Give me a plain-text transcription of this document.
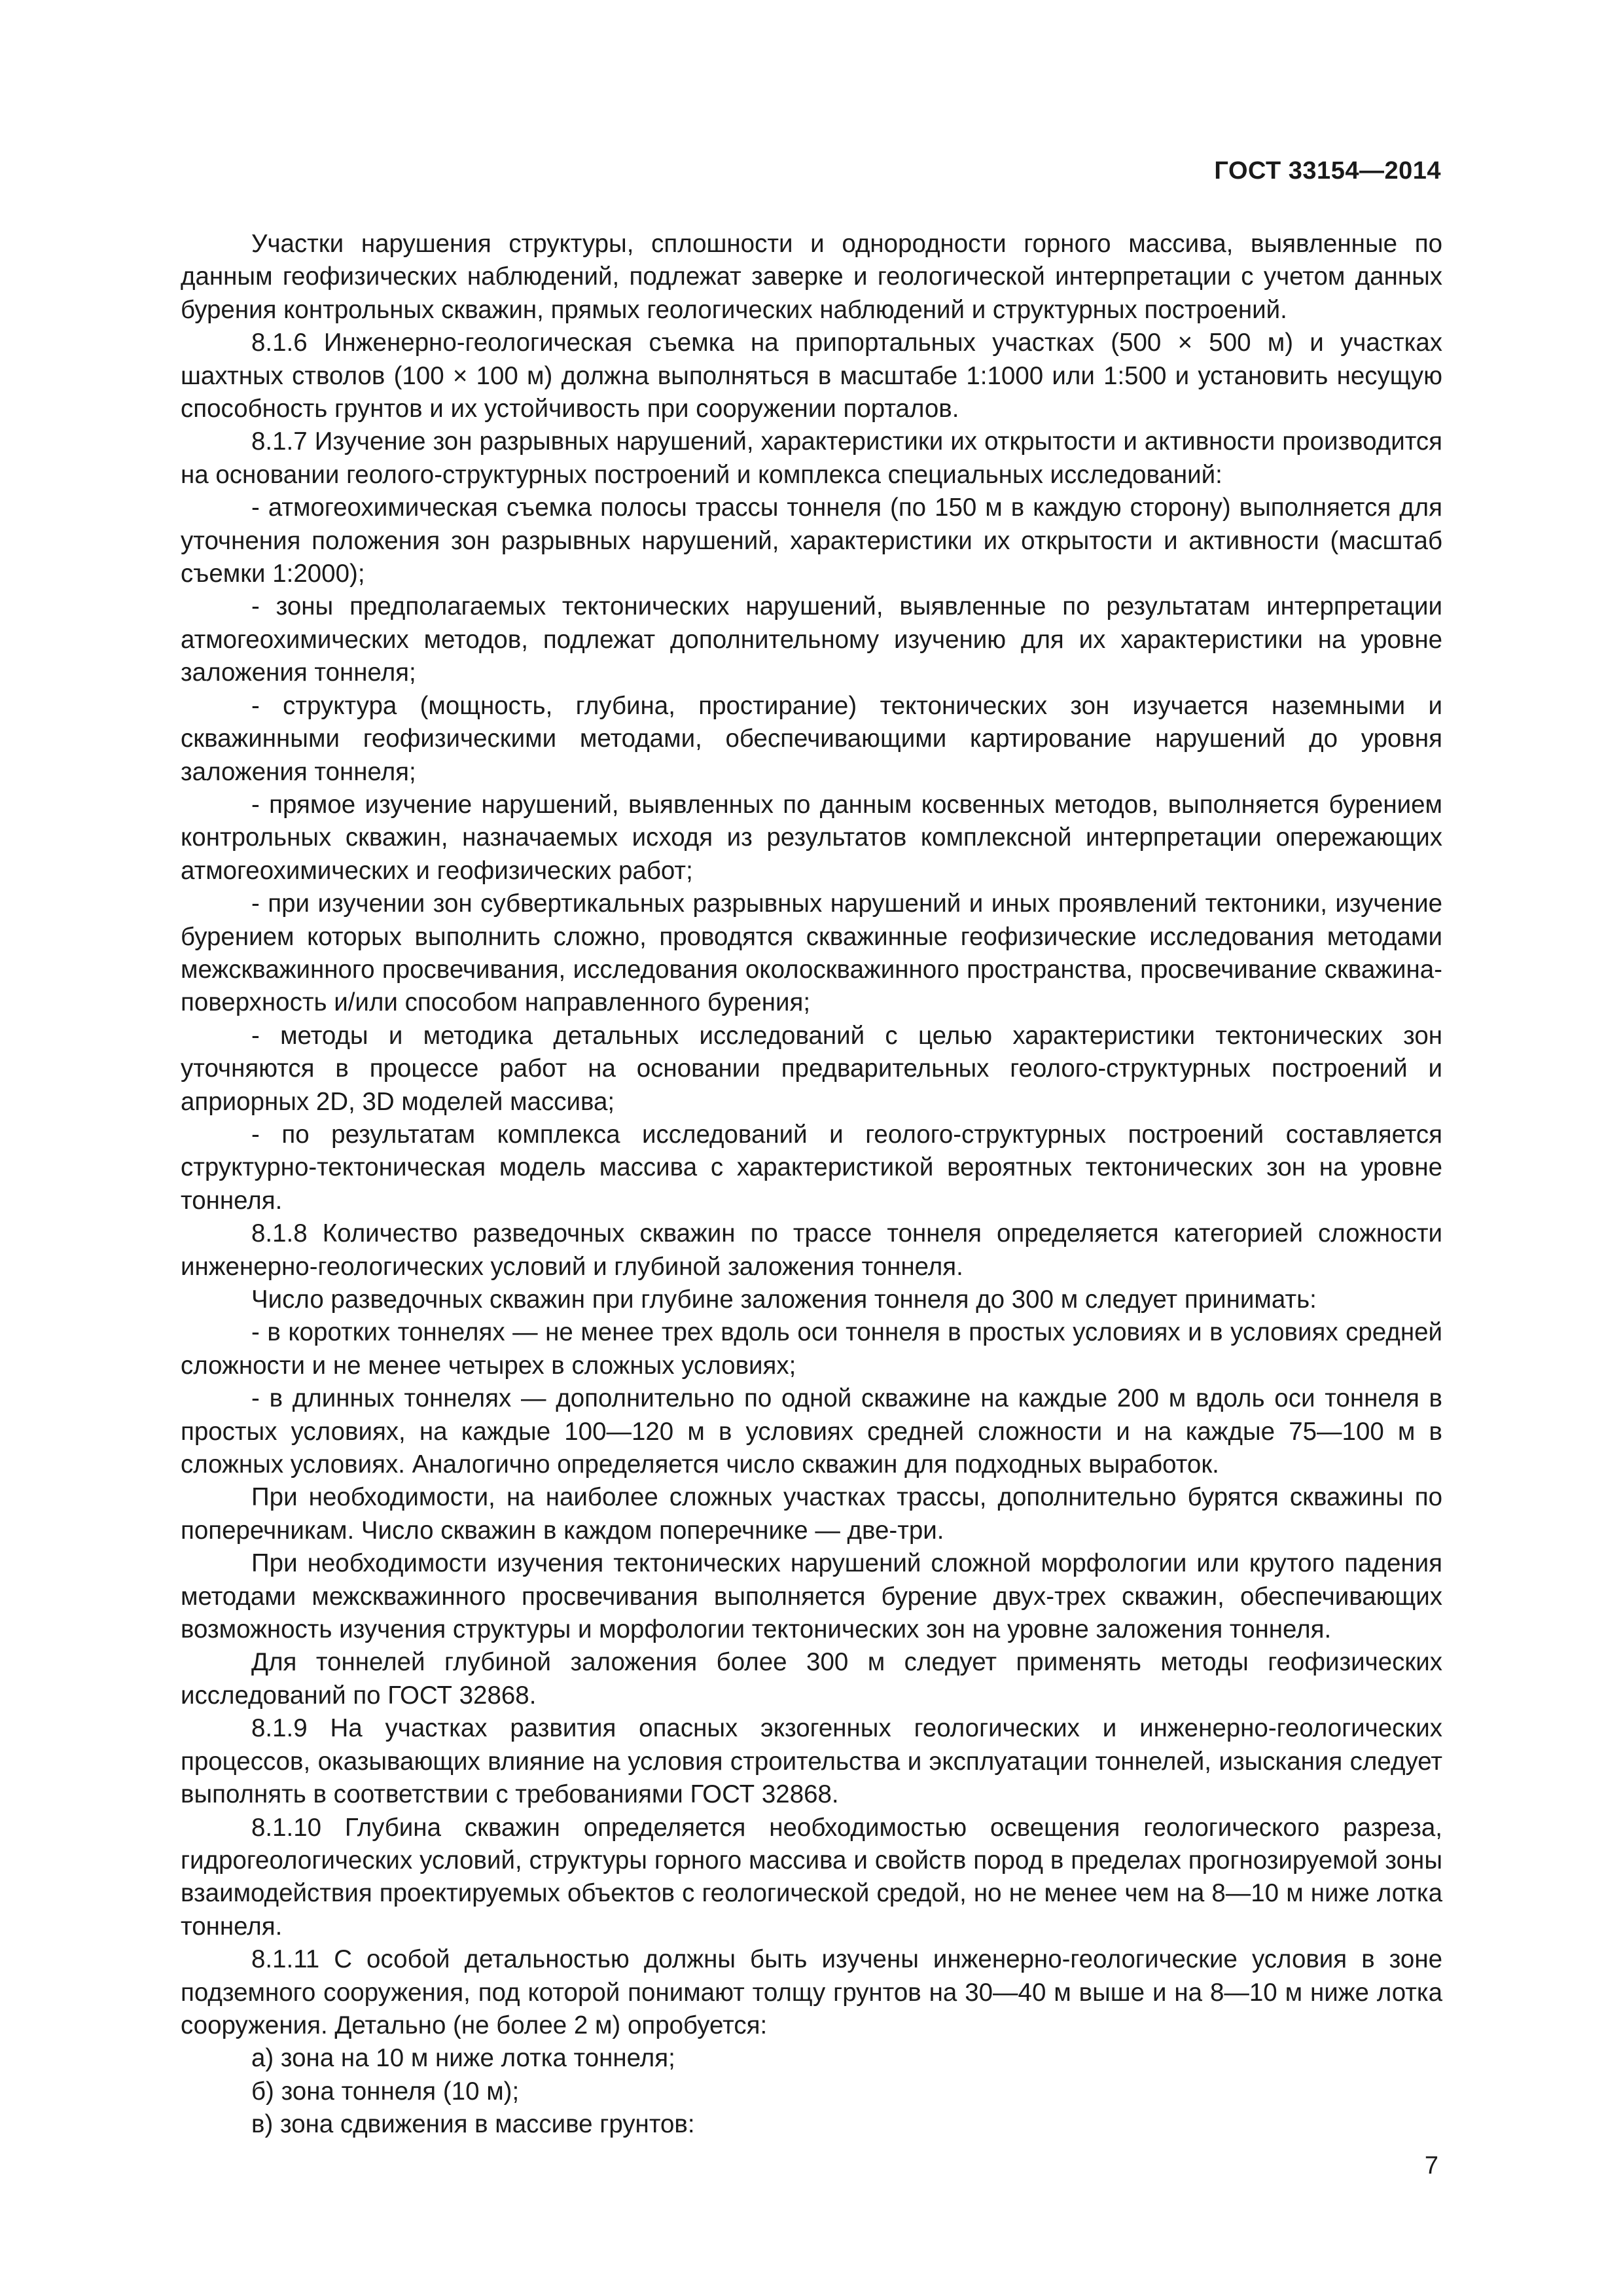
ГОСТ 33154—2014

Участки нарушения структуры, сплошности и однородности горного массива, выявленные по данным геофизических наблюдений, подлежат заверке и геологической интерпретации с учетом данных бурения контрольных скважин, прямых геологических наблюдений и структурных построений.

8.1.6 Инженерно-геологическая съемка на припортальных участках (500 × 500 м) и участках шахтных стволов (100 × 100 м) должна выполняться в масштабе 1:1000 или 1:500 и установить несущую способность грунтов и их устойчивость при сооружении порталов.

8.1.7 Изучение зон разрывных нарушений, характеристики их открытости и активности производится на основании геолого-структурных построений и комплекса специальных исследований:

- атмогеохимическая съемка полосы трассы тоннеля (по 150 м в каждую сторону) выполняется для уточнения положения зон разрывных нарушений, характеристики их открытости и активности (масштаб съемки 1:2000);

- зоны предполагаемых тектонических нарушений, выявленные по результатам интерпретации атмогеохимических методов, подлежат дополнительному изучению для их характеристики на уровне заложения тоннеля;

- структура (мощность, глубина, простирание) тектонических зон изучается наземными и скважинными геофизическими методами, обеспечивающими картирование нарушений до уровня заложения тоннеля;

- прямое изучение нарушений, выявленных по данным косвенных методов, выполняется бурением контрольных скважин, назначаемых исходя из результатов комплексной интерпретации опережающих атмогеохимических и геофизических работ;

- при изучении зон субвертикальных разрывных нарушений и иных проявлений тектоники, изучение бурением которых выполнить сложно, проводятся скважинные геофизические исследования методами межскважинного просвечивания, исследования околоскважинного пространства, просвечивание скважина-поверхность и/или способом направленного бурения;

- методы и методика детальных исследований с целью характеристики тектонических зон уточняются в процессе работ на основании предварительных геолого-структурных построений и априорных 2D, 3D моделей массива;

- по результатам комплекса исследований и геолого-структурных построений составляется структурно-тектоническая модель массива с характеристикой вероятных тектонических зон на уровне тоннеля.

8.1.8 Количество разведочных скважин по трассе тоннеля определяется категорией сложности инженерно-геологических условий и глубиной заложения тоннеля.

Число разведочных скважин при глубине заложения тоннеля до 300 м следует принимать:

- в коротких тоннелях — не менее трех вдоль оси тоннеля в простых условиях и в условиях средней сложности и не менее четырех в сложных условиях;

- в длинных тоннелях — дополнительно по одной скважине на каждые 200 м вдоль оси тоннеля в простых условиях, на каждые 100—120 м в условиях средней сложности и на каждые 75—100 м в сложных условиях. Аналогично определяется число скважин для подходных выработок.

При необходимости, на наиболее сложных участках трассы, дополнительно бурятся скважины по поперечникам. Число скважин в каждом поперечнике — две-три.

При необходимости изучения тектонических нарушений сложной морфологии или крутого падения методами межскважинного просвечивания выполняется бурение двух-трех скважин, обеспечивающих возможность изучения структуры и морфологии тектонических зон на уровне заложения тоннеля.

Для тоннелей глубиной заложения более 300 м следует применять методы геофизических исследований по ГОСТ 32868.

8.1.9 На участках развития опасных экзогенных геологических и инженерно-геологических процессов, оказывающих влияние на условия строительства и эксплуатации тоннелей, изыскания следует выполнять в соответствии с требованиями ГОСТ 32868.

8.1.10 Глубина скважин определяется необходимостью освещения геологического разреза, гидрогеологических условий, структуры горного массива и свойств пород в пределах прогнозируемой зоны взаимодействия проектируемых объектов с геологической средой, но не менее чем на 8—10 м ниже лотка тоннеля.

8.1.11 С особой детальностью должны быть изучены инженерно-геологические условия в зоне подземного сооружения, под которой понимают толщу грунтов на 30—40 м выше и на 8—10 м ниже лотка сооружения. Детально (не более 2 м) опробуется:

а) зона на 10 м ниже лотка тоннеля;

б) зона тоннеля (10 м);

в) зона сдвижения в массиве грунтов:

7
